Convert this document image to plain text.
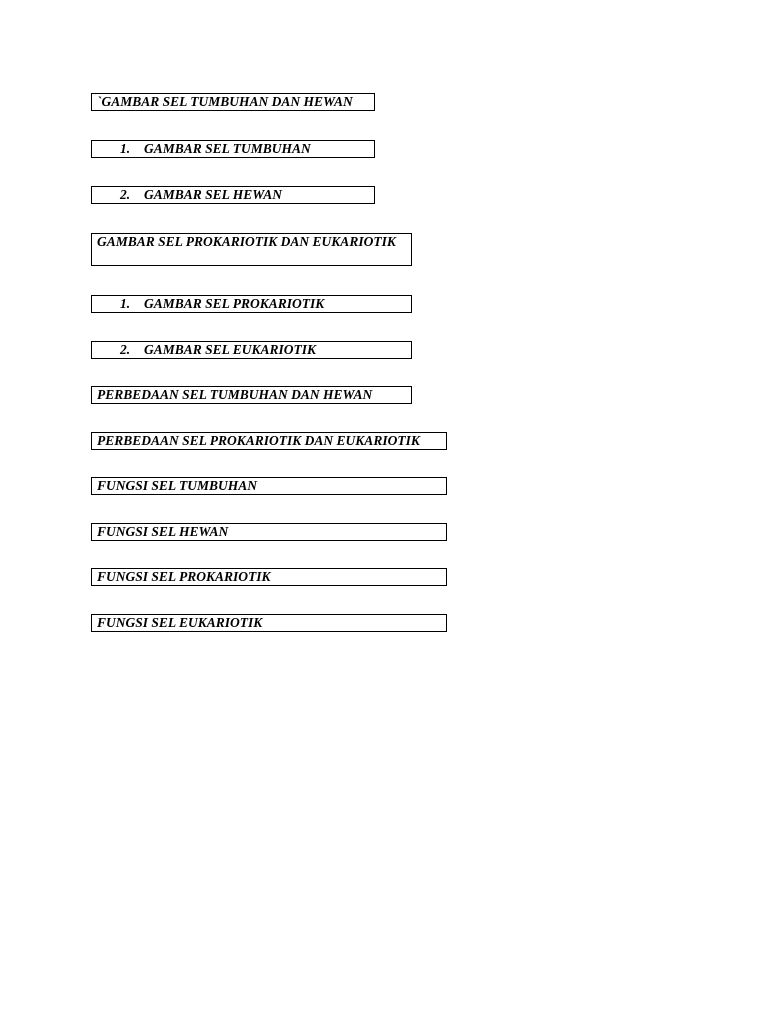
`GAMBAR SEL TUMBUHAN DAN HEWAN
1. GAMBAR SEL TUMBUHAN
2. GAMBAR SEL HEWAN
GAMBAR SEL PROKARIOTIK DAN EUKARIOTIK
1. GAMBAR SEL PROKARIOTIK
2. GAMBAR SEL EUKARIOTIK
PERBEDAAN SEL TUMBUHAN DAN HEWAN
PERBEDAAN SEL PROKARIOTIK DAN EUKARIOTIK
FUNGSI SEL TUMBUHAN
FUNGSI SEL HEWAN
FUNGSI SEL PROKARIOTIK
FUNGSI SEL EUKARIOTIK
